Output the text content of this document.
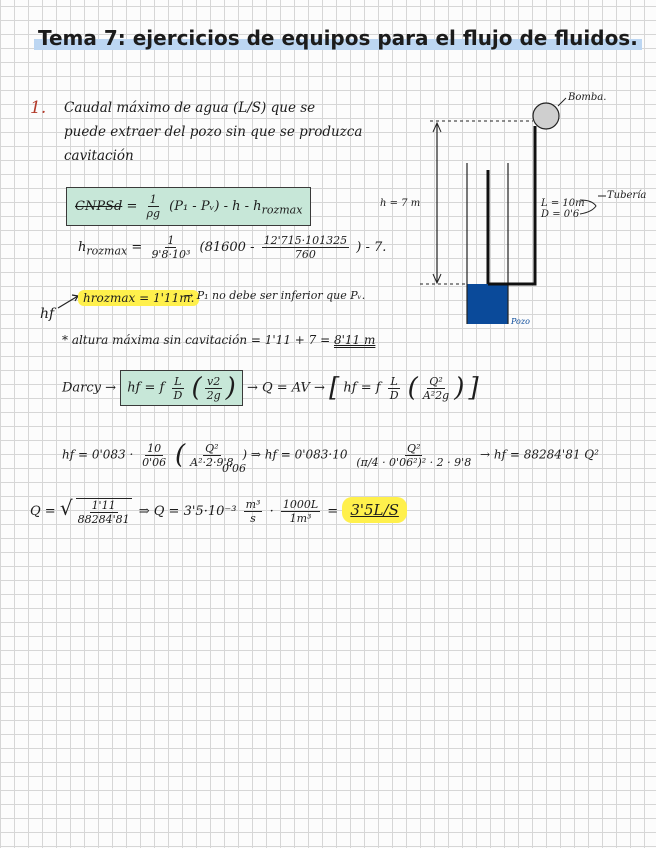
Tema 7: ejercicios de equipos para el flujo de fluidos.
1. Caudal máximo de agua (L/S) que se
puede extraer del pozo sin que se produzca
cavitación
CNPSd = $\frac{1}{\rho g} (P_1$ - Pᵥ) - h - $h_{rozmax}$
$h_{rozmax} = \frac{1}{\text{9'8·10³}} (81600 - \frac{12'715\cdot 101325}{760}$ ) - 7.
hf
hrozmax = 1'11m.
→ P₁ no debe ser inferior que Pᵥ.
* altura máxima sin cavitación = 1'11 + 7 = 8'11 m
Darcy → hf = f $\frac{L}{D}$ ( $\frac{v2}{2g}$ ) → Q = AV → [ hf = f $\frac{L}{D}$ ( $\frac{\text{Q²}}{\text{A²2g}}$ ) ]
hf = $0'083 \cdot \frac{10}{0'06}$ ( $\frac{\text{Q²}}{\text{A²·2·9'8}}$ ) ⇒ hf = $0'083\cdot 10 \frac{\text{Q²}}{\text{(π/4 · 0'06²)² · 2 · 9'8}}$ → hf = 88284'81 Q²
0'06
Q = √ $\frac{1'11}{88284'81}$ ⇒ $Q = 3'5\cdot 10^{-3} \frac{\text{m³}}{s} \cdot \frac{1000L}{\text{1m³}} = 3'5L/S$
Bomba.
Tubería
h = 7 m	L = 10m
D = 0'6
Pozo
